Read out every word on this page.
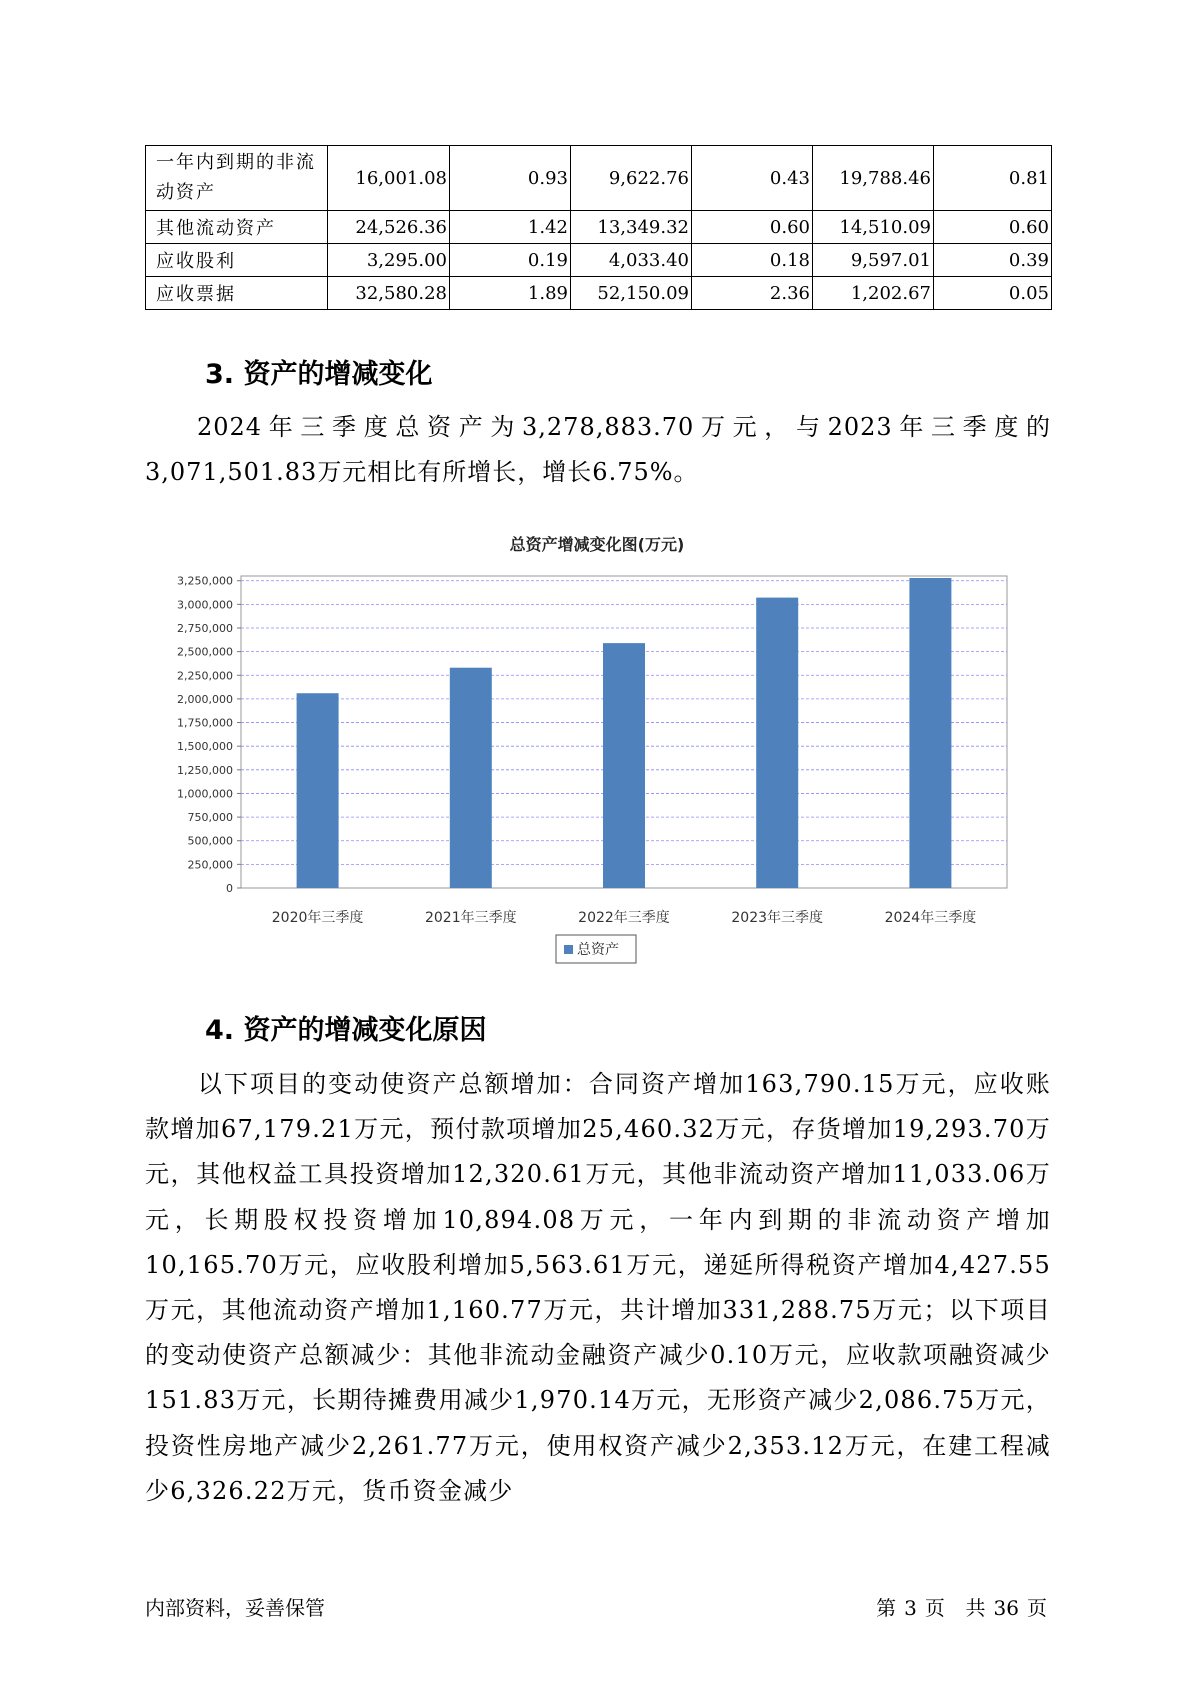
一年内到期的非流动资产	16,001.08	0.93	9,622.76	0.43	19,788.46	0.81
其他流动资产	24,526.36	1.42	13,349.32	0.60	14,510.09	0.60
应收股利	3,295.00	0.19	4,033.40	0.18	9,597.01	0.39
应收票据	32,580.28	1.89	52,150.09	2.36	1,202.67	0.05
3. 资产的增减变化

2024年三季度总资产为3,278,883.70万元，与2023年三季度的3,071,501.83万元相比有所增长，增长6.75%。

总资产增减变化图(万元)
0
250,000
500,000
750,000
1,000,000
1,250,000
1,500,000
1,750,000
2,000,000
2,250,000
2,500,000
2,750,000
3,000,000
3,250,000
2020年三季度	2021年三季度	2022年三季度	2023年三季度	2024年三季度
总资产
4. 资产的增减变化原因

以下项目的变动使资产总额增加：合同资产增加163,790.15万元，应收账款增加67,179.21万元，预付款项增加25,460.32万元，存货增加19,293.70万元，其他权益工具投资增加12,320.61万元，其他非流动资产增加11,033.06万元，长期股权投资增加10,894.08万元，一年内到期的非流动资产增加10,165.70万元，应收股利增加5,563.61万元，递延所得税资产增加4,427.55万元，其他流动资产增加1,160.77万元，共计增加331,288.75万元；以下项目的变动使资产总额减少：其他非流动金融资产减少0.10万元，应收款项融资减少151.83万元，长期待摊费用减少1,970.14万元，无形资产减少2,086.75万元，投资性房地产减少2,261.77万元，使用权资产减少2,353.12万元，在建工程减少6,326.22万元，货币资金减少

内部资料，妥善保管	第 3 页 共 36 页
